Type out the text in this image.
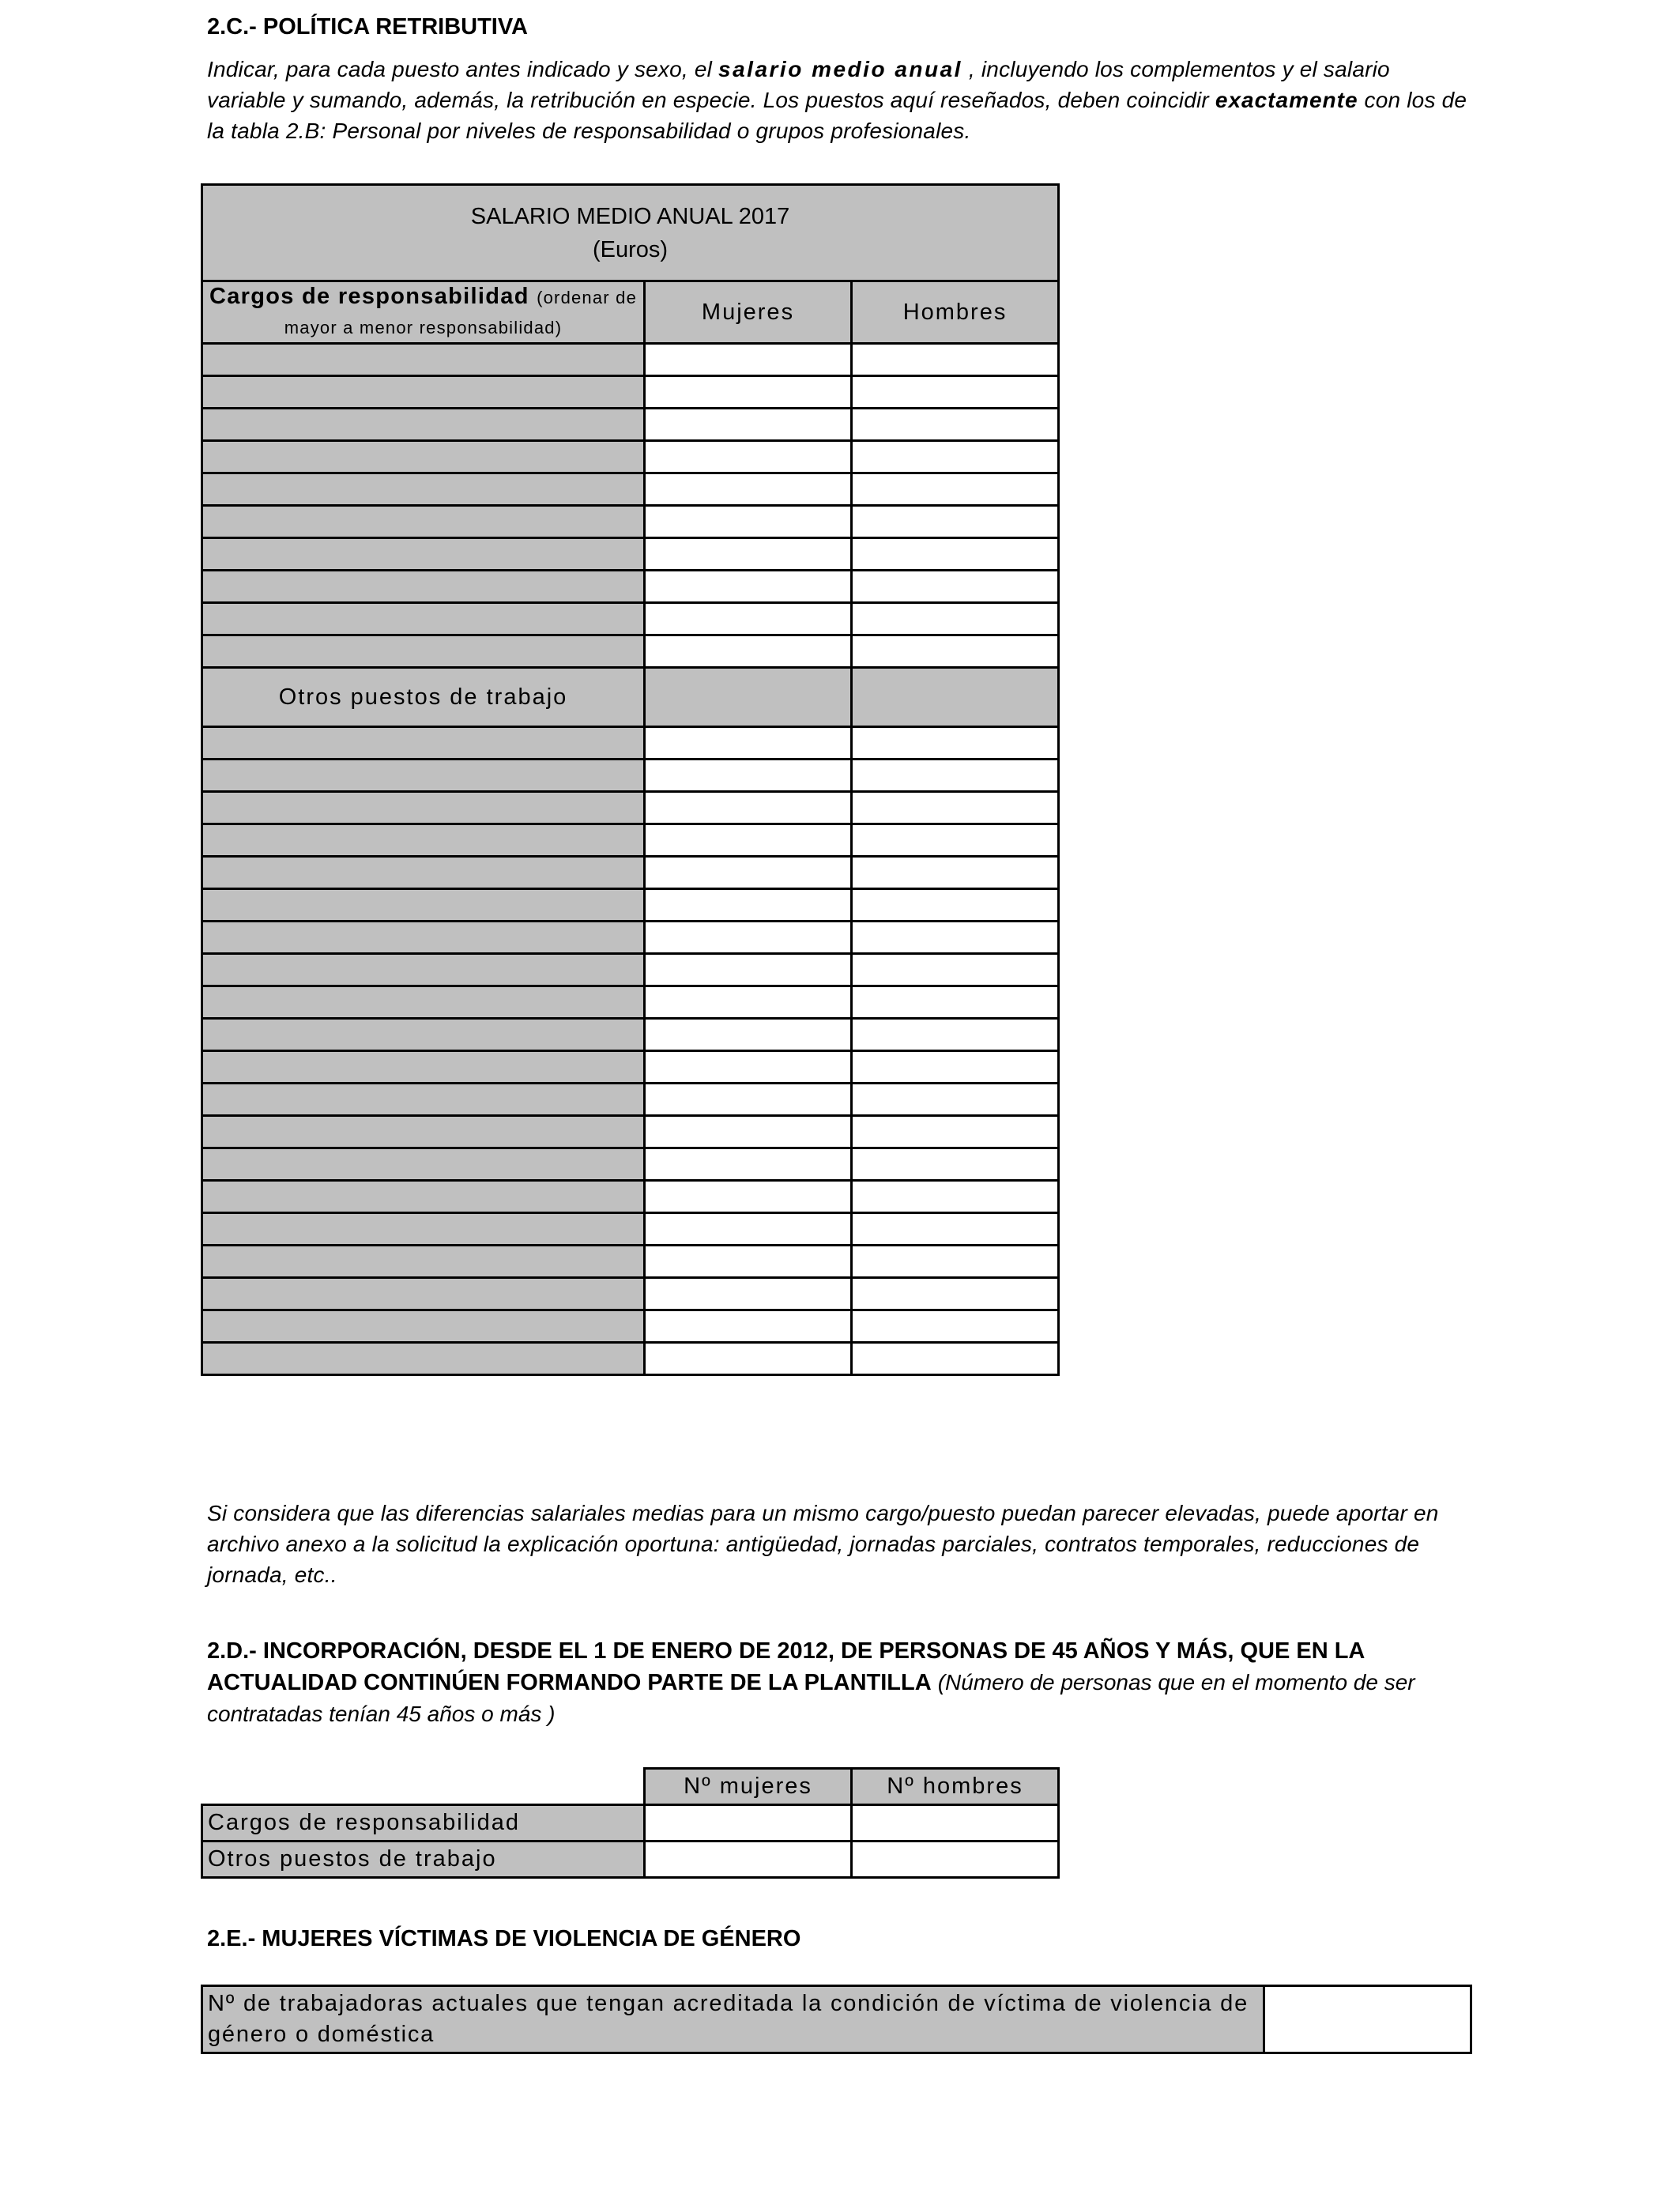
2.C.- POLÍTICA RETRIBUTIVA
Indicar, para cada puesto antes indicado y sexo, el salario medio anual , incluyendo los complementos y el salario variable y sumando, además, la retribución en especie. Los puestos aquí reseñados, deben coincidir exactamente con los de la tabla 2.B: Personal por niveles de responsabilidad o grupos profesionales.
SALARIO MEDIO ANUAL 2017
(Euros)		

Cargos de responsabilidad (ordenar de mayor a menor responsabilidad)	Mujeres	Hombres

Otros puestos de trabajo		

Si considera que las diferencias salariales medias para un mismo cargo/puesto puedan parecer elevadas, puede aportar en archivo anexo a la solicitud la explicación oportuna: antigüedad, jornadas parciales, contratos temporales, reducciones de jornada, etc..
2.D.- INCORPORACIÓN, DESDE EL 1 DE ENERO DE 2012, DE PERSONAS DE 45 AÑOS Y MÁS, QUE EN LA ACTUALIDAD CONTINÚEN FORMANDO PARTE DE LA PLANTILLA (Número de personas que en el momento de ser contratadas tenían 45 años o más )
	Nº mujeres	Nº hombres
Cargos de responsabilidad		
Otros puestos de trabajo		
2.E.- MUJERES VÍCTIMAS DE VIOLENCIA DE GÉNERO
Nº de trabajadoras actuales que tengan acreditada la condición de víctima de violencia de género o doméstica	
